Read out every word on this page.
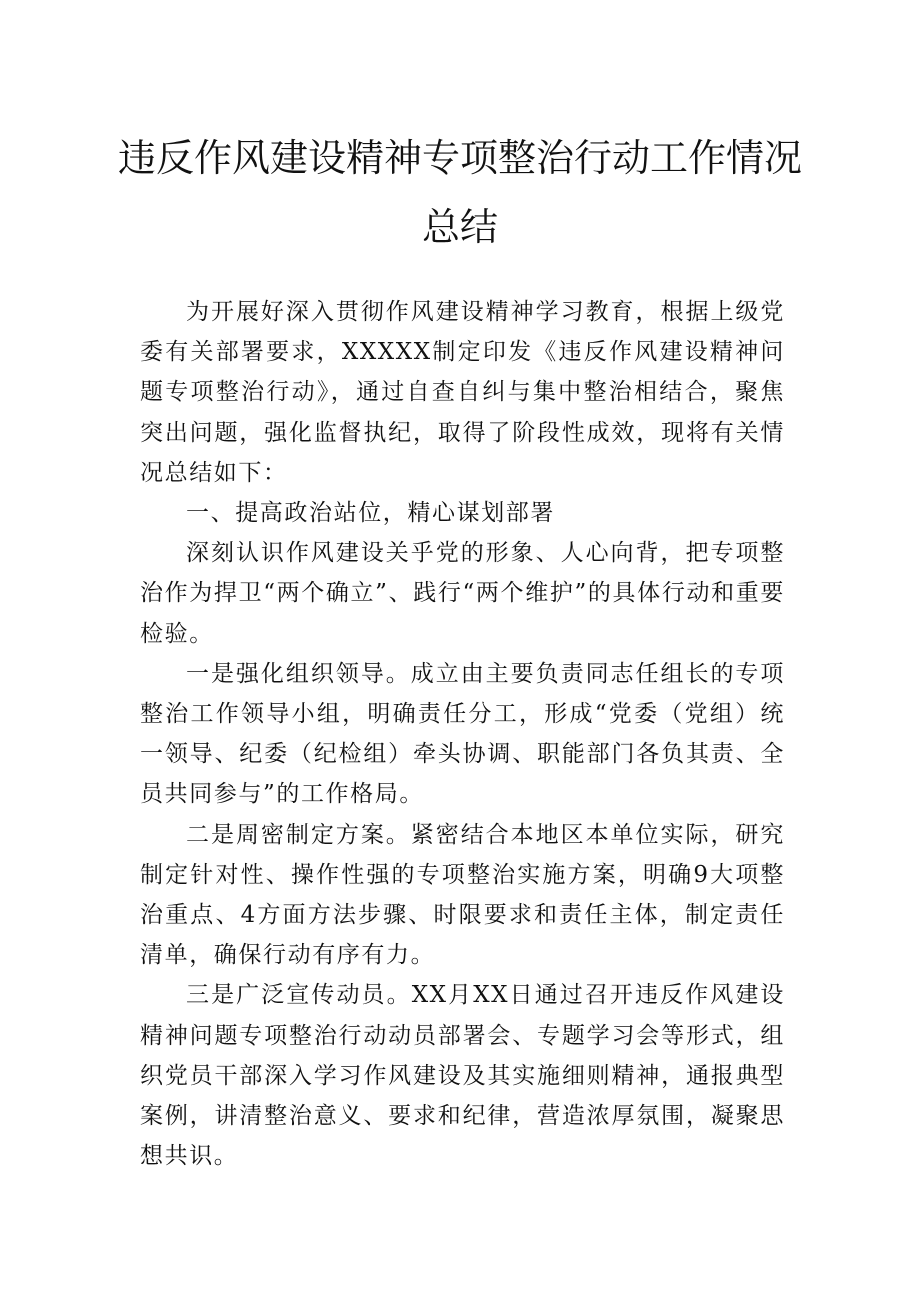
违反作风建设精神专项整治行动工作情况
总结

为开展好深入贯彻作风建设精神学习教育，根据上级党委有关部署要求，XXXXX制定印发《违反作风建设精神问题专项整治行动》，通过自查自纠与集中整治相结合，聚焦突出问题，强化监督执纪，取得了阶段性成效，现将有关情况总结如下：

一、提高政治站位，精心谋划部署

深刻认识作风建设关乎党的形象、人心向背，把专项整治作为捍卫“两个确立”、践行“两个维护”的具体行动和重要检验。

一是强化组织领导。成立由主要负责同志任组长的专项整治工作领导小组，明确责任分工，形成“党委（党组）统一领导、纪委（纪检组）牵头协调、职能部门各负其责、全员共同参与”的工作格局。

二是周密制定方案。紧密结合本地区本单位实际，研究制定针对性、操作性强的专项整治实施方案，明确9大项整治重点、4方面方法步骤、时限要求和责任主体，制定责任清单，确保行动有序有力。

三是广泛宣传动员。XX月XX日通过召开违反作风建设精神问题专项整治行动动员部署会、专题学习会等形式，组织党员干部深入学习作风建设及其实施细则精神，通报典型案例，讲清整治意义、要求和纪律，营造浓厚氛围，凝聚思想共识。
